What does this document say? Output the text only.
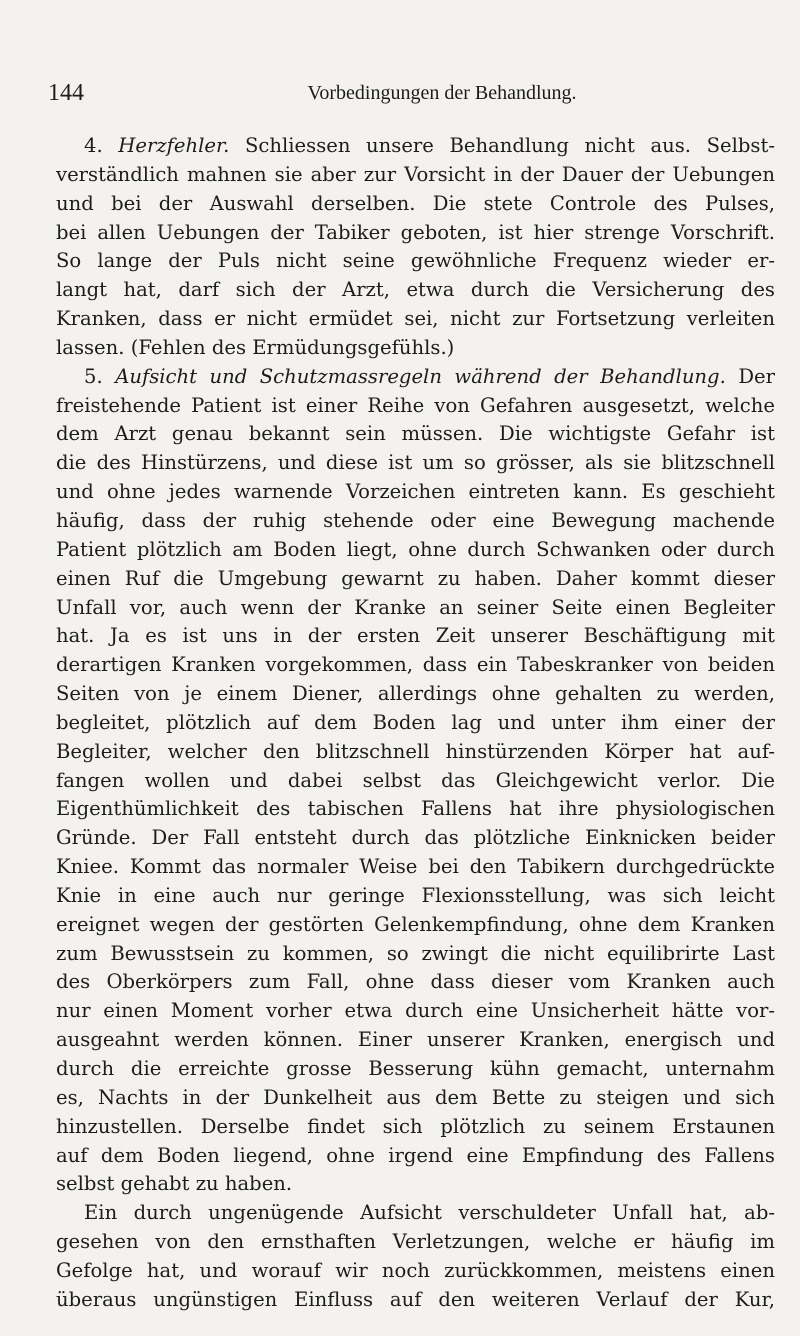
144	Vorbedingungen der Behandlung.
4. Herzfehler. Schliessen unsere Behandlung nicht aus. Selbst-
verständlich mahnen sie aber zur Vorsicht in der Dauer der Uebungen
und bei der Auswahl derselben. Die stete Controle des Pulses,
bei allen Uebungen der Tabiker geboten, ist hier strenge Vorschrift.
So lange der Puls nicht seine gewöhnliche Frequenz wieder er-
langt hat, darf sich der Arzt, etwa durch die Versicherung des
Kranken, dass er nicht ermüdet sei, nicht zur Fortsetzung verleiten
lassen. (Fehlen des Ermüdungsgefühls.)
5. Aufsicht und Schutzmassregeln während der Behandlung. Der
freistehende Patient ist einer Reihe von Gefahren ausgesetzt, welche
dem Arzt genau bekannt sein müssen. Die wichtigste Gefahr ist
die des Hinstürzens, und diese ist um so grösser, als sie blitzschnell
und ohne jedes warnende Vorzeichen eintreten kann. Es geschieht
häufig, dass der ruhig stehende oder eine Bewegung machende
Patient plötzlich am Boden liegt, ohne durch Schwanken oder durch
einen Ruf die Umgebung gewarnt zu haben. Daher kommt dieser
Unfall vor, auch wenn der Kranke an seiner Seite einen Begleiter
hat. Ja es ist uns in der ersten Zeit unserer Beschäftigung mit
derartigen Kranken vorgekommen, dass ein Tabeskranker von beiden
Seiten von je einem Diener, allerdings ohne gehalten zu werden,
begleitet, plötzlich auf dem Boden lag und unter ihm einer der
Begleiter, welcher den blitzschnell hinstürzenden Körper hat auf-
fangen wollen und dabei selbst das Gleichgewicht verlor. Die
Eigenthümlichkeit des tabischen Fallens hat ihre physiologischen
Gründe. Der Fall entsteht durch das plötzliche Einknicken beider
Kniee. Kommt das normaler Weise bei den Tabikern durchgedrückte
Knie in eine auch nur geringe Flexionsstellung, was sich leicht
ereignet wegen der gestörten Gelenkempfindung, ohne dem Kranken
zum Bewusstsein zu kommen, so zwingt die nicht equilibrirte Last
des Oberkörpers zum Fall, ohne dass dieser vom Kranken auch
nur einen Moment vorher etwa durch eine Unsicherheit hätte vor-
ausgeahnt werden können. Einer unserer Kranken, energisch und
durch die erreichte grosse Besserung kühn gemacht, unternahm
es, Nachts in der Dunkelheit aus dem Bette zu steigen und sich
hinzustellen. Derselbe findet sich plötzlich zu seinem Erstaunen
auf dem Boden liegend, ohne irgend eine Empfindung des Fallens
selbst gehabt zu haben.
Ein durch ungenügende Aufsicht verschuldeter Unfall hat, ab-
gesehen von den ernsthaften Verletzungen, welche er häufig im
Gefolge hat, und worauf wir noch zurückkommen, meistens einen
überaus ungünstigen Einfluss auf den weiteren Verlauf der Kur,
